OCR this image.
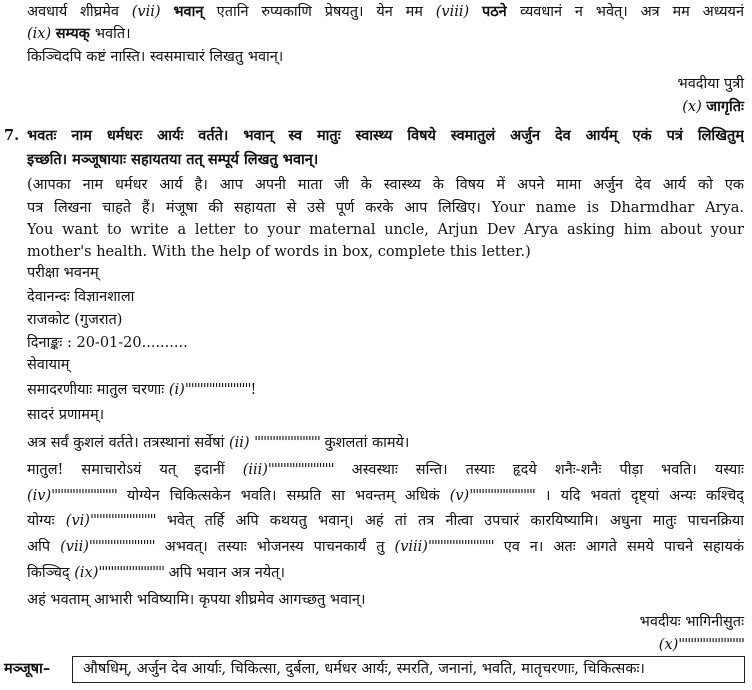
7.
मञ्जूषा–	औषधिम्, अर्जुन देव आर्याः, चिकित्सा, दुर्बला, धर्मधर आर्यः, स्मरति, जनानां, भवति, मातृचरणाः, चिकित्सकः।
अवधार्य शीघ्रमेव (vii) भवान् एतानि रुप्यकाणि प्रेषयतु। येन मम (viii) पठने व्यवधानं न भवेत्। अत्र मम अध्ययनं
(ix) सम्यक् भवति।
किञ्चिदपि कष्टं नास्ति। स्वसमाचारं लिखतु भवान्।
भवदीया पुत्री
(x) जागृतिः
भवतः नाम धर्मधरः आर्यः वर्तते। भवान् स्व मातुः स्वास्थ्य विषये स्वमातुलं अर्जुन देव आर्यम् एकं पत्रं लिखितुम्
इच्छति। मञ्जूषायाः सहायतया तत् सम्पूर्य लिखतु भवान्।
(आपका नाम धर्मधर आर्य है। आप अपनी माता जी के स्वास्थ्य के विषय में अपने मामा अर्जुन देव आर्य को एक
पत्र लिखना चाहते हैं। मंजूषा की सहायता से उसे पूर्ण करके आप लिखिए। Your name is Dharmdhar Arya.
You want to write a letter to your maternal uncle, Arjun Dev Arya asking him about your
mother's health. With the help of words in box, complete this letter.)
परीक्षा भवनम्
देवानन्दः विज्ञानशाला
राजकोट (गुजरात)
दिनाङ्कः : 20-01-20..........
सेवायाम्
समादरणीयाः मातुल चरणाः (i)''''''''''''''''''''''!
सादरं प्रणामम्।
अत्र सर्वं कुशलं वर्तते। तत्रस्थानां सर्वेषां (ii) '''''''''''''''''''''' कुशलतां कामये।
मातुल! समाचारोऽयं यत् इदानीं (iii)'''''''''''''''''''''' अस्वस्थाः सन्ति। तस्याः हृदये शनैः-शनैः पीड़ा भवति। यस्याः
(iv)'''''''''''''''''''''' योग्येन चिकित्सकेन भवति। सम्प्रति सा भवन्तम् अधिकं (v)'''''''''''''''''''''' । यदि भवतां दृष्ट्यां अन्यः कश्चिद्
योग्यः (vi)'''''''''''''''''''''' भवेत् तर्हि अपि कथयतु भवान्। अहं तां तत्र नीत्वा उपचारं कारयिष्यामि। अधुना मातुः पाचनक्रिया
अपि (vii)'''''''''''''''''''''' अभवत्। तस्याः भोजनस्य पाचनकार्यं तु (viii)'''''''''''''''''''''' एव न। अतः आगते समये पाचने सहायकं
किञ्चिद् (ix)'''''''''''''''''''''' अपि भवान अत्र नयेत्।
अहं भवताम् आभारी भविष्यामि। कृपया शीघ्रमेव आगच्छतु भवान्।
भवदीयः भागिनीसुतः
(x)''''''''''''''''''''''
